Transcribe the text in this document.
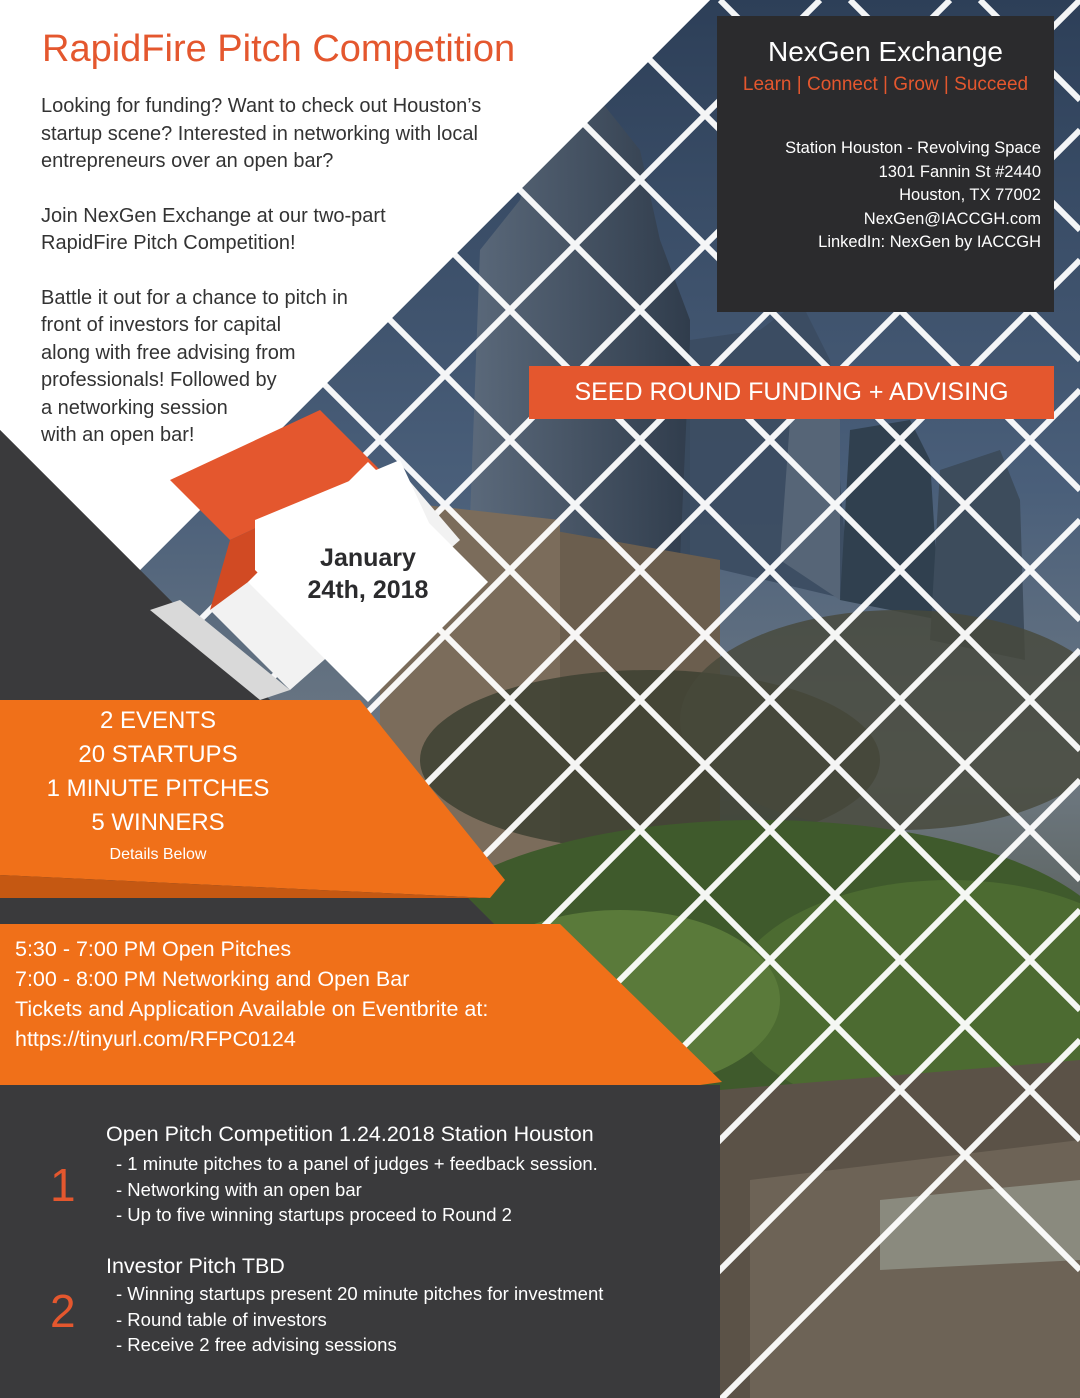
RapidFire Pitch Competition
Looking for funding? Want to check out Houston’s
startup scene? Interested in networking with local
entrepreneurs over an open bar?
Join NexGen Exchange at our two-part
RapidFire Pitch Competition!
Battle it out for a chance to pitch in
front of investors for capital
along with free advising from
professionals! Followed by
a networking session
with an open bar!
NexGen Exchange
Learn | Connect | Grow | Succeed
Station Houston - Revolving Space
1301 Fannin St #2440
Houston, TX 77002
NexGen@IACCGH.com
LinkedIn: NexGen by IACCGH
SEED ROUND FUNDING + ADVISING
January
24th, 2018
2 EVENTS
20 STARTUPS
1 MINUTE PITCHES
5 WINNERS
Details Below
5:30 - 7:00 PM Open Pitches
7:00 - 8:00 PM Networking and Open Bar
Tickets and Application Available on Eventbrite at:
https://tinyurl.com/RFPC0124
1
Open Pitch Competition 1.24.2018 Station Houston
- 1 minute pitches to a panel of judges + feedback session.
- Networking with an open bar
- Up to five winning startups proceed to Round 2
2
Investor Pitch TBD
- Winning startups present 20 minute pitches for investment
- Round table of investors
- Receive 2 free advising sessions
